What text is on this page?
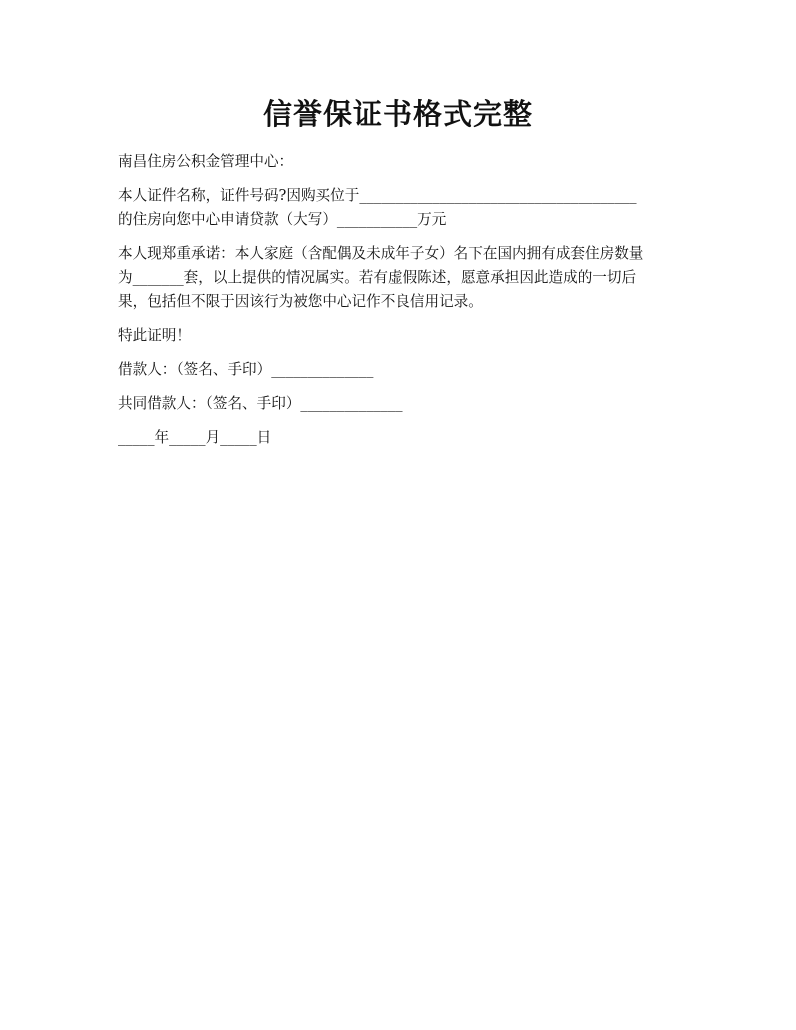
信誉保证书格式完整

南昌住房公积金管理中心：

本人证件名称，证件号码?因购买位于______________________________________
的住房向您中心申请贷款（大写）___________万元

本人现郑重承诺：本人家庭（含配偶及未成年子女）名下在国内拥有成套住房数量
为_______套，以上提供的情况属实。若有虚假陈述，愿意承担因此造成的一切后
果，包括但不限于因该行为被您中心记作不良信用记录。

特此证明！

借款人：（签名、手印）______________

共同借款人：（签名、手印）______________

_____年_____月_____日
